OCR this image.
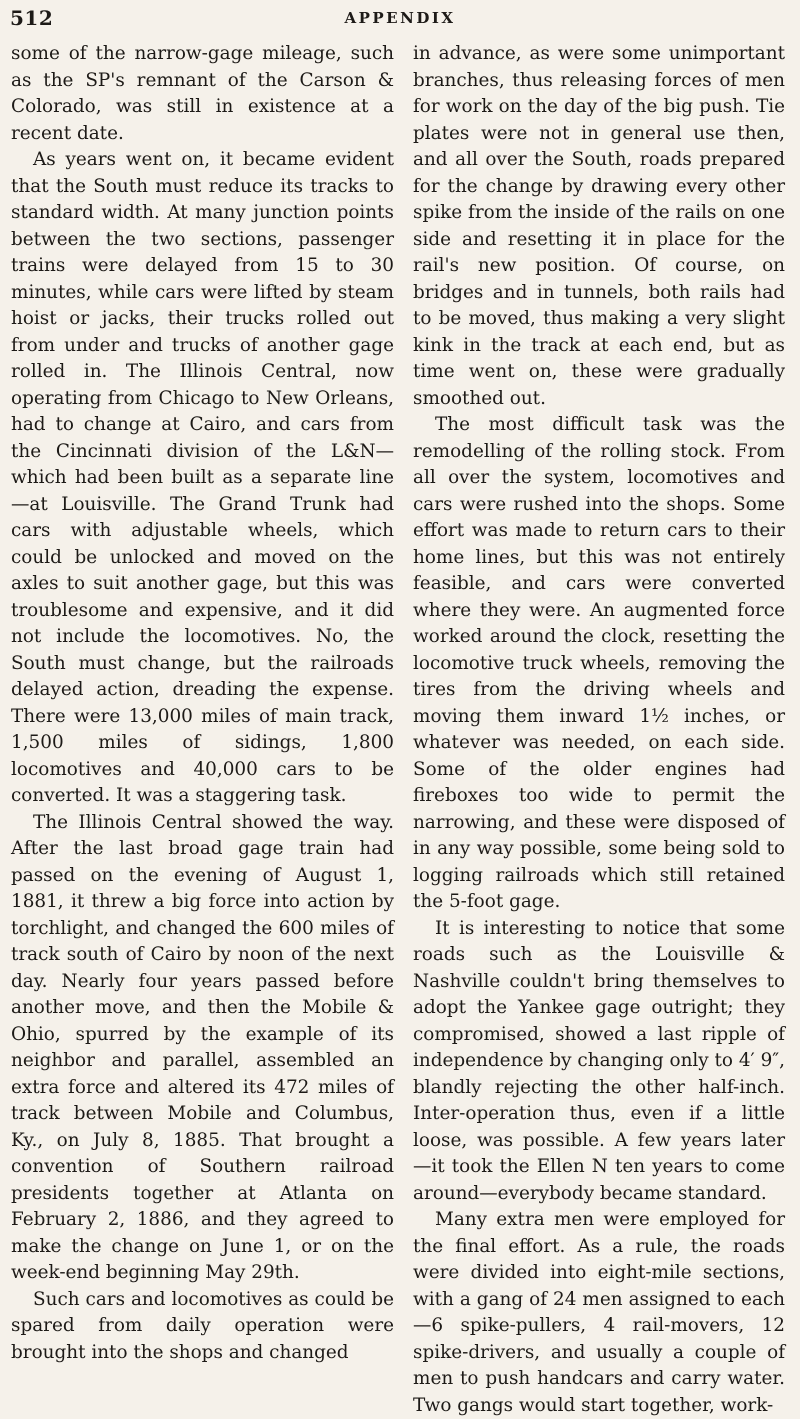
512	APPENDIX

some of the narrow-gage mileage, such as the SP's remnant of the Carson & Colorado, was still in existence at a recent date.

As years went on, it became evident that the South must reduce its tracks to standard width. At many junction points between the two sections, passenger trains were delayed from 15 to 30 minutes, while cars were lifted by steam hoist or jacks, their trucks rolled out from under and trucks of another gage rolled in. The Illinois Central, now operating from Chicago to New Orleans, had to change at Cairo, and cars from the Cincinnati division of the L&N—which had been built as a separate line—at Louisville. The Grand Trunk had cars with adjustable wheels, which could be unlocked and moved on the axles to suit another gage, but this was troublesome and expensive, and it did not include the locomotives. No, the South must change, but the railroads delayed action, dreading the expense. There were 13,000 miles of main track, 1,500 miles of sidings, 1,800 locomotives and 40,000 cars to be converted. It was a staggering task.

The Illinois Central showed the way. After the last broad gage train had passed on the evening of August 1, 1881, it threw a big force into action by torchlight, and changed the 600 miles of track south of Cairo by noon of the next day. Nearly four years passed before another move, and then the Mobile & Ohio, spurred by the example of its neighbor and parallel, assembled an extra force and altered its 472 miles of track between Mobile and Columbus, Ky., on July 8, 1885. That brought a convention of Southern railroad presidents together at Atlanta on February 2, 1886, and they agreed to make the change on June 1, or on the week-end beginning May 29th.

Such cars and locomotives as could be spared from daily operation were brought into the shops and changed

in advance, as were some unimportant branches, thus releasing forces of men for work on the day of the big push. Tie plates were not in general use then, and all over the South, roads prepared for the change by drawing every other spike from the inside of the rails on one side and resetting it in place for the rail's new position. Of course, on bridges and in tunnels, both rails had to be moved, thus making a very slight kink in the track at each end, but as time went on, these were gradually smoothed out.

The most difficult task was the remodelling of the rolling stock. From all over the system, locomotives and cars were rushed into the shops. Some effort was made to return cars to their home lines, but this was not entirely feasible, and cars were converted where they were. An augmented force worked around the clock, resetting the locomotive truck wheels, removing the tires from the driving wheels and moving them inward 1½ inches, or whatever was needed, on each side. Some of the older engines had fireboxes too wide to permit the narrowing, and these were disposed of in any way possible, some being sold to logging railroads which still retained the 5-foot gage.

It is interesting to notice that some roads such as the Louisville & Nashville couldn't bring themselves to adopt the Yankee gage outright; they compromised, showed a last ripple of independence by changing only to 4′ 9″, blandly rejecting the other half-inch. Inter-operation thus, even if a little loose, was possible. A few years later —it took the Ellen N ten years to come around—everybody became standard.

Many extra men were employed for the final effort. As a rule, the roads were divided into eight-mile sections, with a gang of 24 men assigned to each—6 spike-pullers, 4 rail-movers, 12 spike-drivers, and usually a couple of men to push handcars and carry water. Two gangs would start together, work-
